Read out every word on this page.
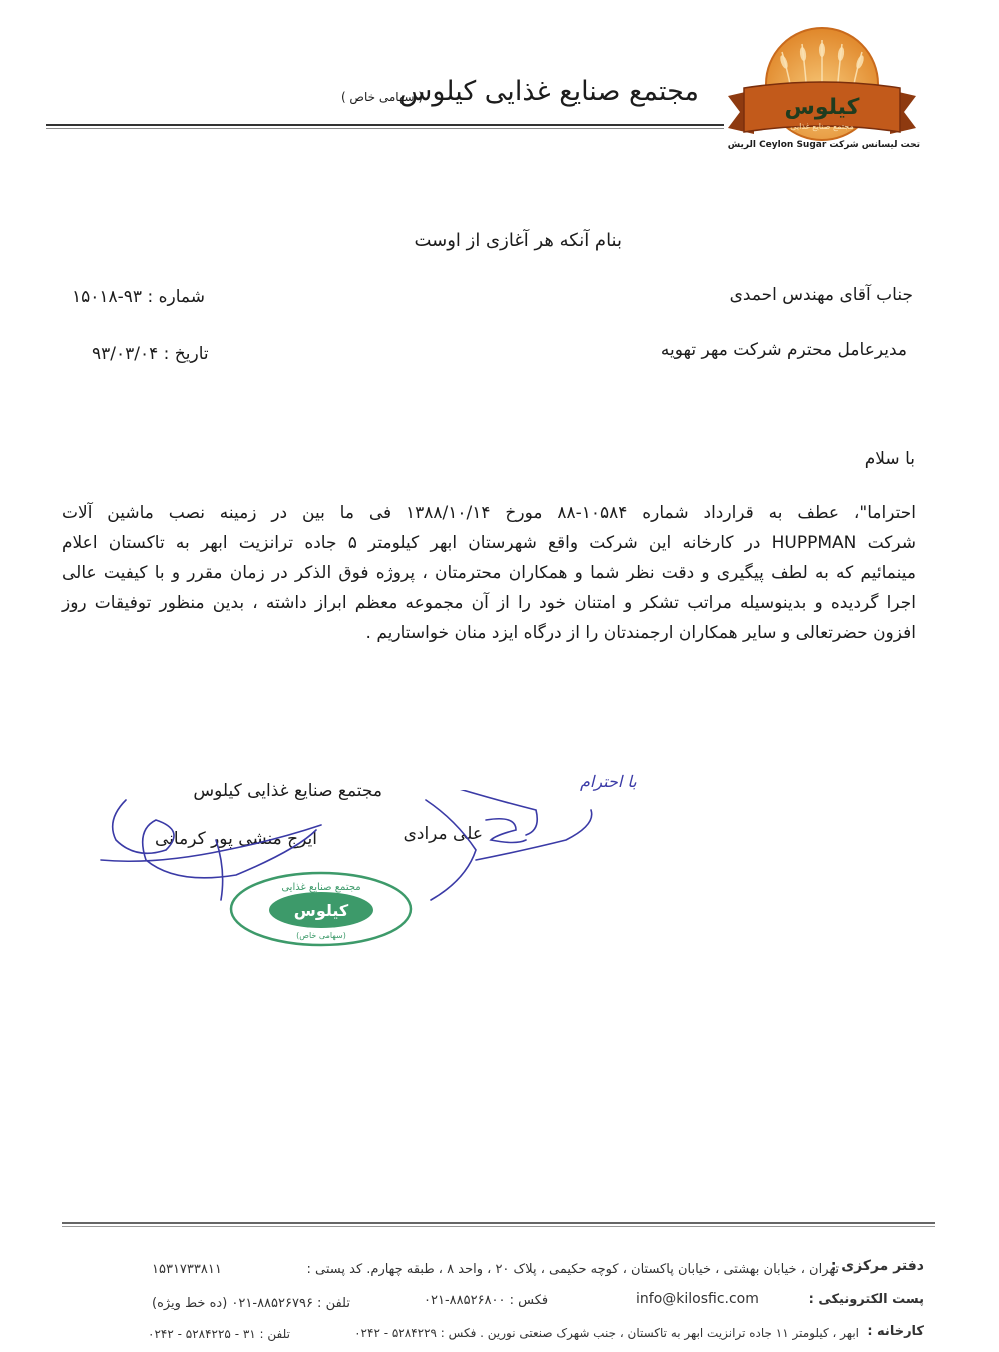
مجتمع صنایع غذایی کیلوس
( سهامی خاص )	کیلوس
مجتمع صنایع غذایی
تحت لیسانس شرکت Ceylon Sugar الریش
بنام آنکه هر آغازی از اوست
شماره : ۹۳-۱۵۰۱۸
تاریخ : ۹۳/۰۳/۰۴
جناب آقای مهندس احمدی
مدیرعامل محترم شرکت مهر تهویه
با سلام
احتراما"، عطف به قرارداد شماره ۱۰۵۸۴-۸۸ مورخ ۱۳۸۸/۱۰/۱۴ فی ما بین در زمینه نصب ماشین آلات
شرکت HUPPMAN در کارخانه این شرکت واقع شهرستان ابهر کیلومتر ۵ جاده ترانزیت ابهر به تاکستان اعلام
مینمائیم که به لطف پیگیری و دقت نظر شما و همکاران محترمتان ، پروژه فوق الذکر در زمان مقرر و با کیفیت عالی
اجرا گردیده و بدینوسیله مراتب تشکر و امتنان خود را از آن مجموعه معظم ابراز داشته ، بدین منظور توفیقات روز
افزون حضرتعالی و سایر همکاران ارجمندتان را از درگاه ایزد منان خواستاریم .
مجتمع صنایع غذایی کیلوس
ایرج منشی پور کرمانی	علی مرادی
با احترام
مجتمع صنایع غذایی
کیلوس
(سهامی خاص)
دفتر مرکزی :
تهران ، خیابان بهشتی ، خیابان پاکستان ، کوچه حکیمی ، پلاک ۲۰ ، واحد ۸ ، طبقه چهارم. کد پستی :
۱۵۳۱۷۳۳۸۱۱
پست الکترونیکی :
info@kilosfic.com
فکس : ۸۸۵۲۶۸۰۰-۰۲۱
تلفن : ۸۸۵۲۶۷۹۶-۰۲۱ (ده خط ویژه)
کارخانه :
ابهر ، کیلومتر ۱۱ جاده ترانزیت ابهر به تاکستان ، جنب شهرک صنعتی نورین . فکس : ۵۲۸۴۲۲۹ - ۰۲۴۲
تلفن : ۳۱ - ۵۲۸۴۲۲۵ - ۰۲۴۲
